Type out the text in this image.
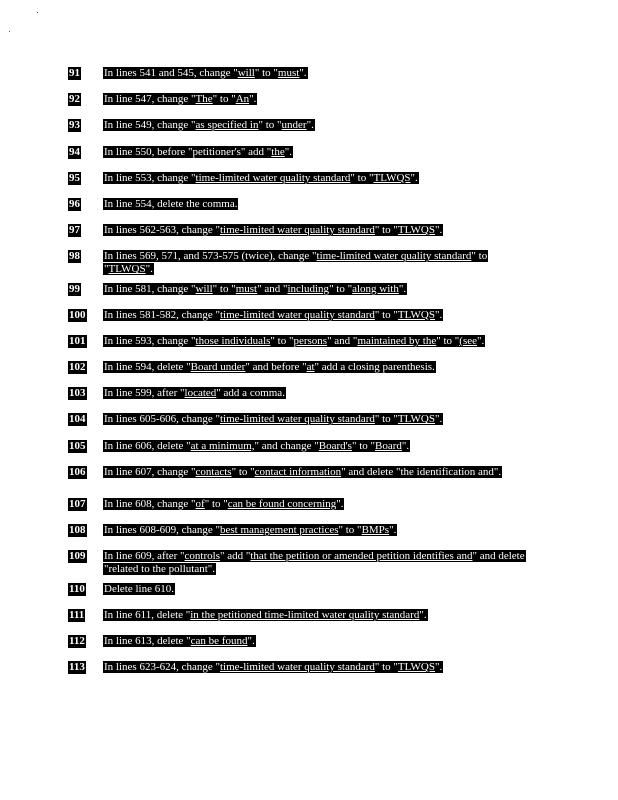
91 In lines 541 and 545, change "will" to "must".
92 In line 547, change "The" to "An".
93 In line 549, change "as specified in" to "under".
94 In line 550, before "petitioner's" add "the".
95 In line 553, change "time-limited water quality standard" to "TLWQS".
96 In line 554, delete the comma.
97 In lines 562-563, change "time-limited water quality standard" to "TLWQS".
98 In lines 569, 571, and 573-575 (twice), change "time-limited water quality standard" to "TLWQS".
99 In line 581, change "will" to "must" and "including" to "along with".
100 In lines 581-582, change "time-limited water quality standard" to "TLWQS".
101 In line 593, change "those individuals" to "persons" and "maintained by the" to "(see".
102 In line 594, delete "Board under" and before "at" add a closing parenthesis.
103 In line 599, after "located" add a comma.
104 In lines 605-606, change "time-limited water quality standard" to "TLWQS".
105 In line 606, delete "at a minimum," and change "Board's" to "Board".
106 In line 607, change "contacts" to "contact information" and delete "the identification and".
107 In line 608, change "of" to "can be found concerning".
108 In lines 608-609, change "best management practices" to "BMPs".
109 In line 609, after "controls" add "that the petition or amended petition identifies and" and delete "related to the pollutant".
110 Delete line 610.
111 In line 611, delete "in the petitioned time-limited water quality standard".
112 In line 613, delete "can be found".
113 In lines 623-624, change "time-limited water quality standard" to "TLWQS".
